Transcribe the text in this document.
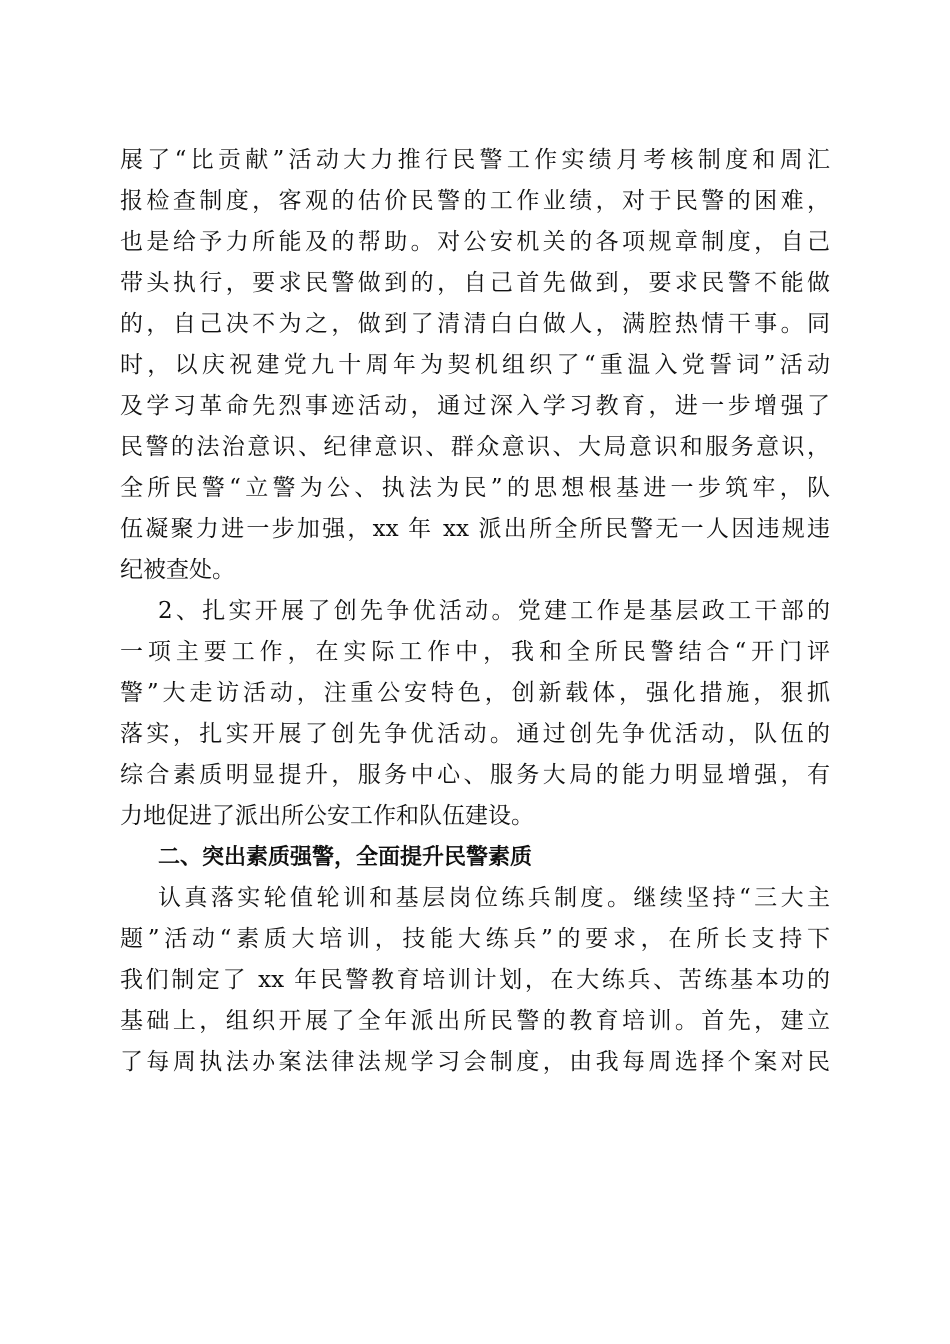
展了“比贡献”活动大力推行民警工作实绩月考核制度和周汇
报检查制度，客观的估价民警的工作业绩，对于民警的困难，
也是给予力所能及的帮助。对公安机关的各项规章制度，自己
带头执行，要求民警做到的，自己首先做到，要求民警不能做
的，自己决不为之，做到了清清白白做人，满腔热情干事。同
时，以庆祝建党九十周年为契机组织了“重温入党誓词”活动
及学习革命先烈事迹活动，通过深入学习教育，进一步增强了
民警的法治意识、纪律意识、群众意识、大局意识和服务意识，
全所民警“立警为公、执法为民”的思想根基进一步筑牢，队
伍凝聚力进一步加强，xx 年 xx 派出所全所民警无一人因违规违
纪被查处。
2、扎实开展了创先争优活动。党建工作是基层政工干部的
一项主要工作，在实际工作中，我和全所民警结合“开门评
警”大走访活动，注重公安特色，创新载体，强化措施，狠抓
落实，扎实开展了创先争优活动。通过创先争优活动，队伍的
综合素质明显提升，服务中心、服务大局的能力明显增强，有
力地促进了派出所公安工作和队伍建设。
二、突出素质强警，全面提升民警素质
认真落实轮值轮训和基层岗位练兵制度。继续坚持“三大主
题”活动“素质大培训，技能大练兵”的要求，在所长支持下
我们制定了 xx 年民警教育培训计划，在大练兵、苦练基本功的
基础上，组织开展了全年派出所民警的教育培训。首先，建立
了每周执法办案法律法规学习会制度，由我每周选择个案对民
